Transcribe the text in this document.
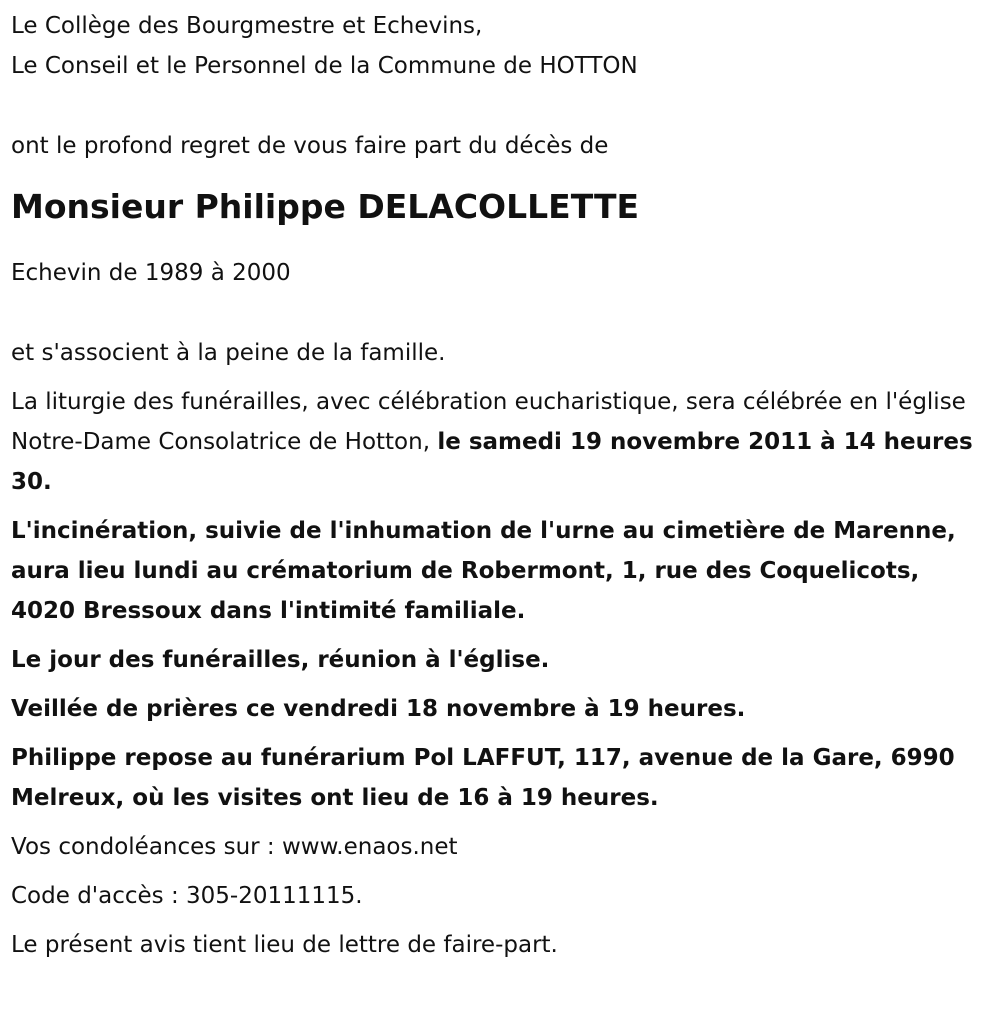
Le Collège des Bourgmestre et Echevins,

Le Conseil et le Personnel de la Commune de HOTTON

ont le profond regret de vous faire part du décès de

Monsieur Philippe DELACOLLETTE

Echevin de 1989 à 2000

et s'associent à la peine de la famille.

La liturgie des funérailles, avec célébration eucharistique, sera célébrée en l'église Notre-Dame Consolatrice de Hotton, le samedi 19 novembre 2011 à 14 heures 30.

L'incinération, suivie de l'inhumation de l'urne au cimetière de Marenne, aura lieu lundi au crématorium de Robermont, 1, rue des Coquelicots, 4020 Bressoux dans l'intimité familiale.

Le jour des funérailles, réunion à l'église.

Veillée de prières ce vendredi 18 novembre à 19 heures.

Philippe repose au funérarium Pol LAFFUT, 117, avenue de la Gare, 6990 Melreux, où les visites ont lieu de 16 à 19 heures.

Vos condoléances sur : www.enaos.net

Code d'accès : 305-20111115.

Le présent avis tient lieu de lettre de faire-part.
